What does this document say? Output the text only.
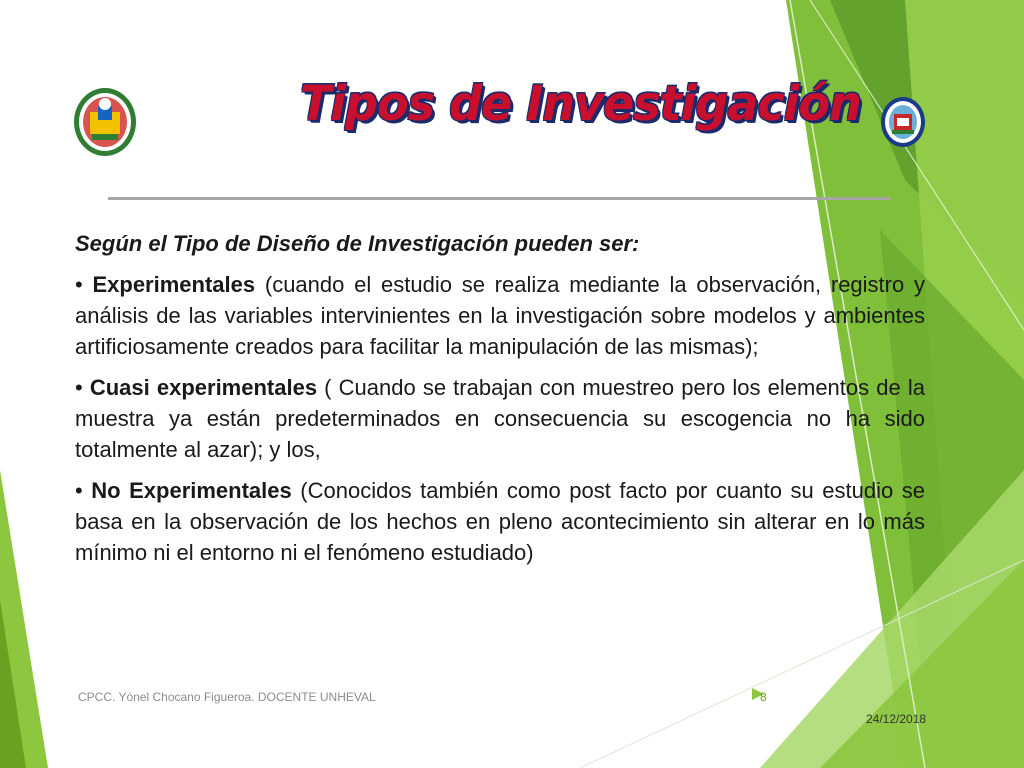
Tipos de Investigación

Según el Tipo de Diseño de Investigación pueden ser:

• Experimentales (cuando el estudio se realiza mediante la observación, registro y análisis de las variables intervinientes en la investigación sobre modelos y ambientes artificiosamente creados para facilitar la manipulación de las mismas);

• Cuasi experimentales ( Cuando se trabajan con muestreo pero los elementos de la muestra ya están predeterminados en consecuencia su escogencia no ha sido totalmente al azar); y los,

• No Experimentales (Conocidos también como post facto por cuanto su estudio se basa en la observación de los hechos en pleno acontecimiento sin alterar en lo más mínimo ni el entorno ni el fenómeno estudiado)

CPCC. Yónel Chocano Figueroa. DOCENTE UNHEVAL	8
24/12/2018
